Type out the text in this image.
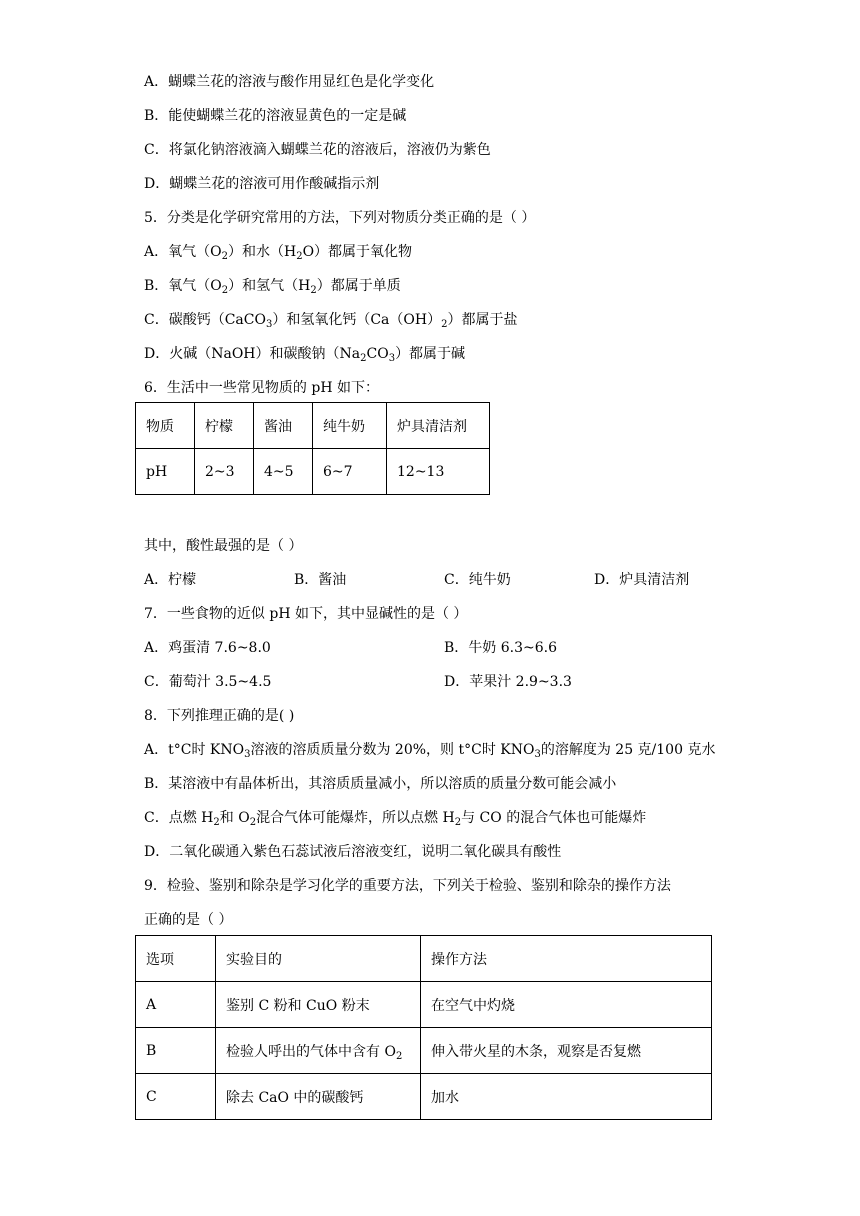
A．蝴蝶兰花的溶液与酸作用显红色是化学变化
B．能使蝴蝶兰花的溶液显黄色的一定是碱
C．将氯化钠溶液滴入蝴蝶兰花的溶液后，溶液仍为紫色
D．蝴蝶兰花的溶液可用作酸碱指示剂
5．分类是化学研究常用的方法，下列对物质分类正确的是（ ）
A．氧气$(O_2)$和水$(H_2O)$都属于氧化物
B．氧气$(O_2)$和氢气$(H_2)$都属于单质
C．碳酸钙（CaCO$_3$）和氢氧化钙$(Ca(OH)_2)$都属于盐
D．火碱（NaOH）和碳酸钠$(Na_2CO_3)$都属于碱
6．生活中一些常见物质的 pH 如下：
物质	柠檬	酱油	纯牛奶	炉具清洁剂
pH	2~3	4~5	6~7	12~13
其中，酸性最强的是（ ）
A．柠檬	B．酱油	C．纯牛奶	D．炉具清洁剂
7．一些食物的近似 pH 如下，其中显碱性的是（ ）
A．鸡蛋清 7.6~8.0	B．牛奶 6.3~6.6
C．葡萄汁 3.5~4.5	D．苹果汁 2.9~3.3
8．下列推理正确的是( )
A．t°C时 $KNO_3$溶液的溶质质量分数为 20%，则 t°C时 $KNO_3$的溶解度为 25 克/100 克水
B．某溶液中有晶体析出，其溶质质量减小，所以溶质的质量分数可能会减小
C．点燃 $H_2$和 $O_2$混合气体可能爆炸，所以点燃 $H_2$与 CO 的混合气体也可能爆炸
D．二氧化碳通入紫色石蕊试液后溶液变红，说明二氧化碳具有酸性
9．检验、鉴别和除杂是学习化学的重要方法，下列关于检验、鉴别和除杂的操作方法
正确的是（ ）
选项	实验目的	操作方法
A	鉴别 C 粉和 CuO 粉末	在空气中灼烧
B	检验人呼出的气体中含有 $O_2$	伸入带火星的木条，观察是否复燃
C	除去 CaO 中的碳酸钙	加水
